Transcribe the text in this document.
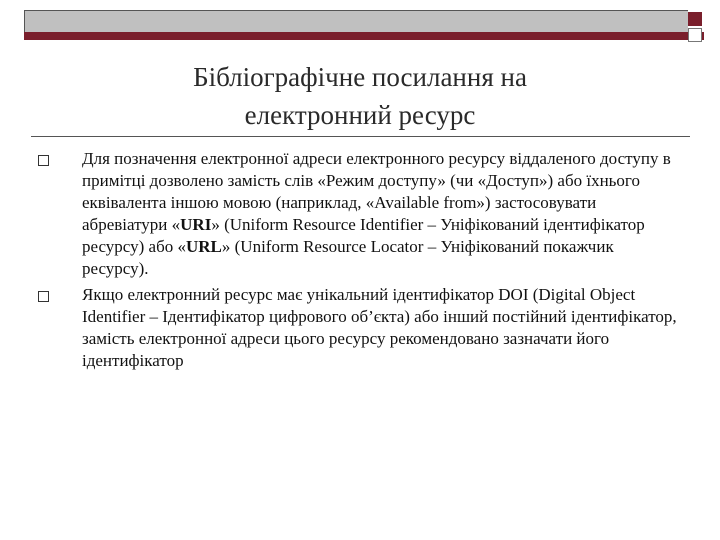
Бібліографічне посилання на
електронний ресурс
Для позначення електронної адреси електронного ресурсу віддаленого доступу в примітці дозволено замість слів «Режим доступу» (чи «Доступ») або їхнього еквівалента іншою мовою (наприклад, «Available from») застосовувати абревіатури «URI» (Uniform Resource Identifier – Уніфікований ідентифікатор ресурсу) або «URL» (Uniform Resource Locator – Уніфікований покажчик ресурсу).
Якщо електронний ресурс має унікальний ідентифікатор DOI (Digital Object Identifier – Ідентифікатор цифрового об’єкта) або інший постійний ідентифікатор, замість електронної адреси цього ресурсу рекомендовано зазначати його ідентифікатор
